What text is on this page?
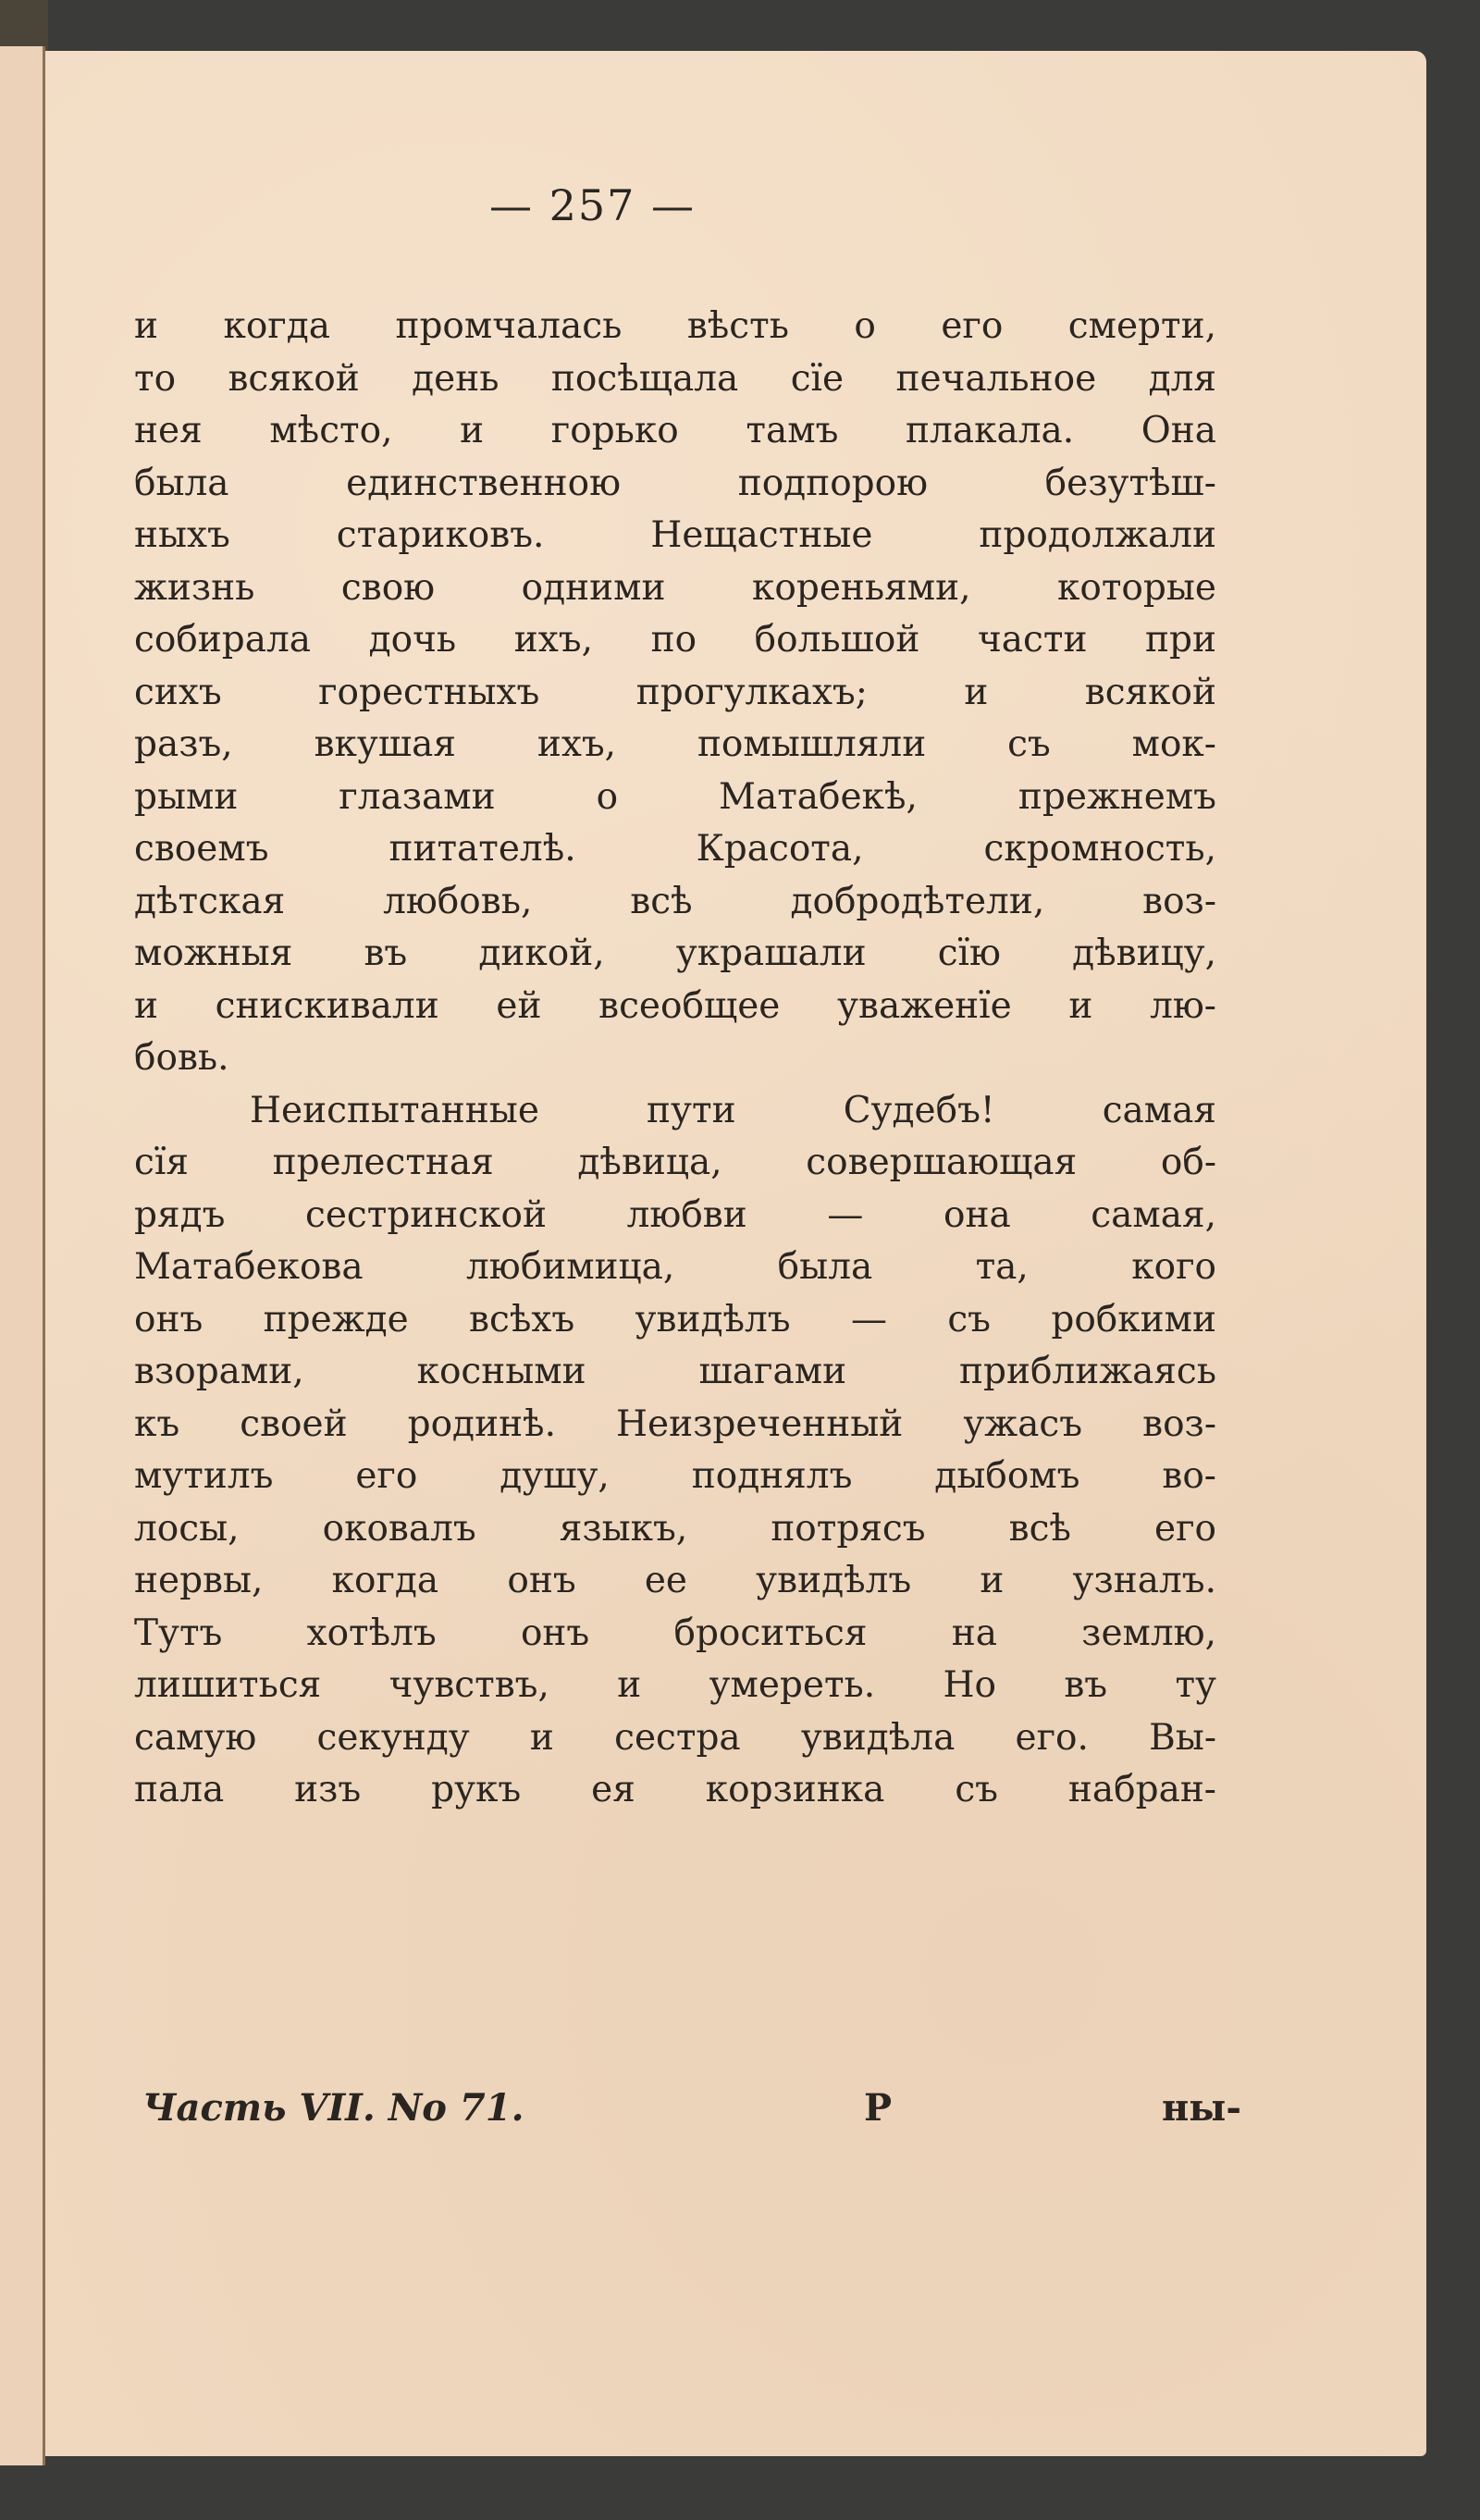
— 257 —
и когда промчалась вѣсть о его смерти,
то всякой день посѣщала сїе печальное для
нея мѣсто, и горько тамъ плакала. Она
была единственною подпорою безутѣш-
ныхъ стариковъ. Нещастные продолжали
жизнь свою одними кореньями, которые
собирала дочь ихъ, по большой части при
сихъ горестныхъ прогулкахъ; и всякой
разъ, вкушая ихъ, помышляли съ мок-
рыми глазами о Матабекѣ, прежнемъ
своемъ питателѣ. Красота, скромность,
дѣтская любовь, всѣ добродѣтели, воз-
можныя въ дикой, украшали сїю дѣвицу,
и снискивали ей всеобщее уваженїе и лю-
бовь.
Неиспытанные пути Судебъ! самая
сїя прелестная дѣвица, совершающая об-
рядъ сестринской любви — она самая,
Матабекова любимица, была та, кого
онъ прежде всѣхъ увидѣлъ — съ робкими
взорами, косными шагами приближаясь
къ своей родинѣ. Неизреченный ужасъ воз-
мутилъ его душу, поднялъ дыбомъ во-
лосы, оковалъ языкъ, потрясъ всѣ его
нервы, когда онъ ее увидѣлъ и узналъ.
Тутъ хотѣлъ онъ броситься на землю,
лишиться чувствъ, и умереть. Но въ ту
самую секунду и сестра увидѣла его. Вы-
пала изъ рукъ ея корзинка съ набран-
Часть VII. No 71.	Р	ны-
